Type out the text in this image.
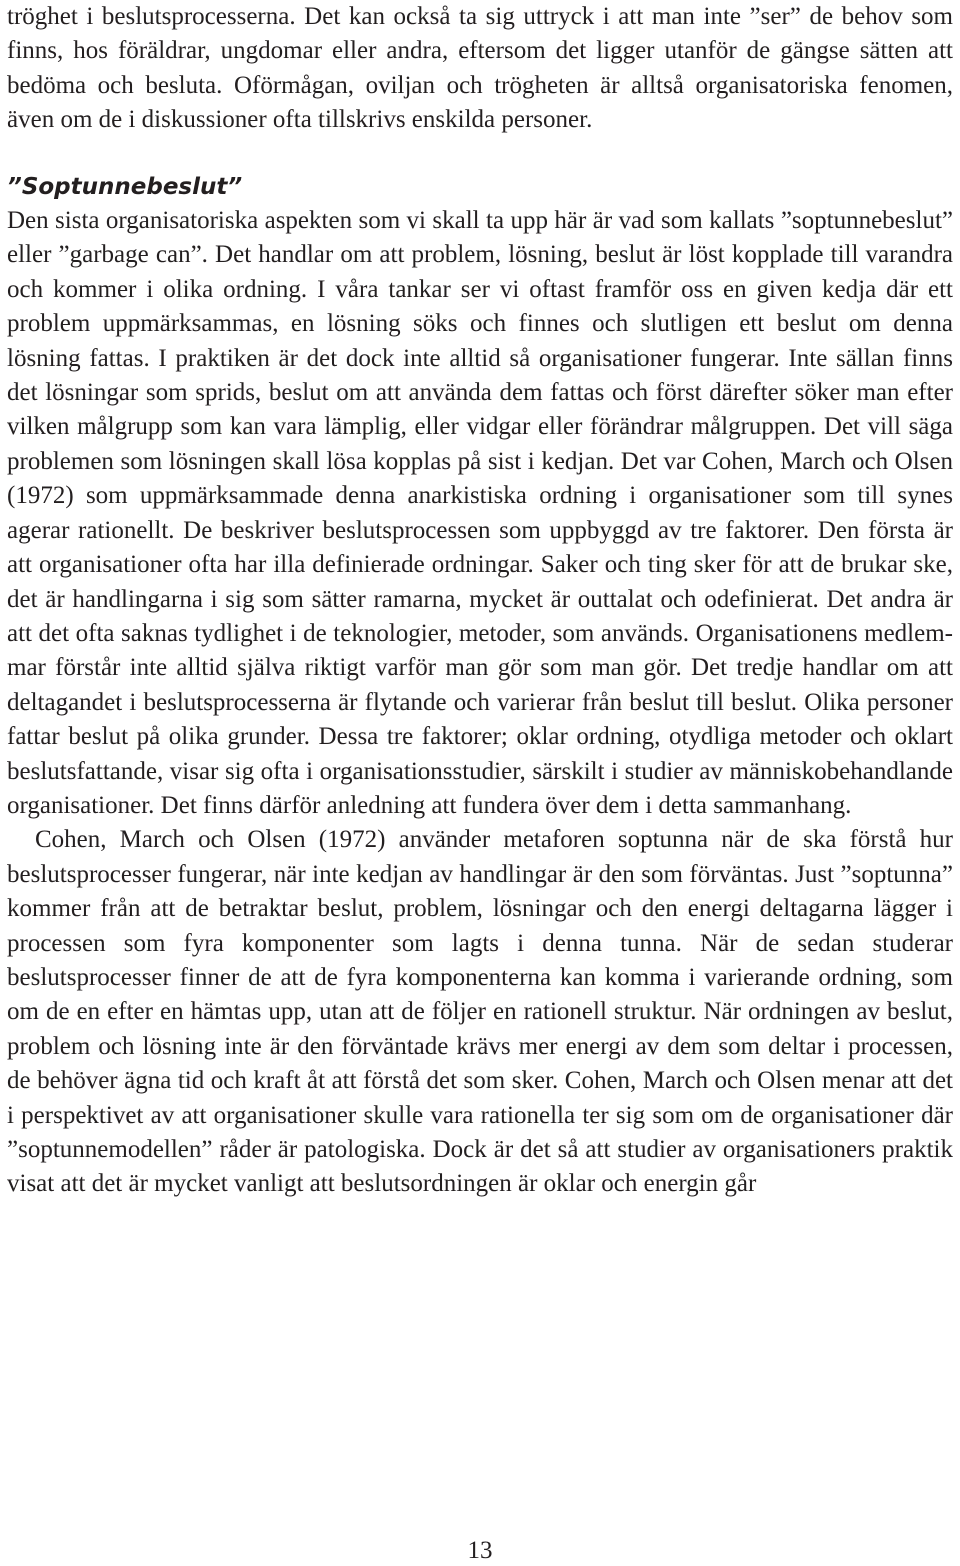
tröghet i beslutsprocesserna. Det kan också ta sig uttryck i att man inte ”ser” de behov som finns, hos föräldrar, ungdomar eller andra, eftersom det ligger utanför de gängse sätten att bedöma och besluta. Oförmågan, oviljan och trögheten är alltså organisatoriska fenomen, även om de i diskussioner ofta tillskrivs enskilda personer.

”Soptunnebeslut”

Den sista organisatoriska aspekten som vi skall ta upp här är vad som kallats ”soptunnebeslut” eller ”garbage can”. Det handlar om att problem, lösning, beslut är löst kopplade till varandra och kommer i olika ordning. I våra tankar ser vi oftast framför oss en given kedja där ett problem uppmärksammas, en lösning söks och finnes och slutligen ett beslut om denna lösning fattas. I praktiken är det dock inte alltid så organisationer fungerar. Inte sällan finns det lösningar som sprids, beslut om att använda dem fattas och först därefter söker man efter vilken målgrupp som kan vara lämplig, eller vidgar eller förändrar målgruppen. Det vill säga problemen som lösningen skall lösa kopplas på sist i kedjan. Det var Cohen, March och Olsen (1972) som uppmärksammade denna anarkistiska ordning i organisationer som till synes agerar rationellt. De beskriver beslutsprocessen som uppbyggd av tre faktorer. Den första är att organisationer ofta har illa definierade ordningar. Saker och ting sker för att de brukar ske, det är handlingarna i sig som sätter ramarna, mycket är outtalat och odefinierat. Det andra är att det ofta saknas tydlighet i de teknologier, metoder, som används. Organisationens medlemmar förstår inte alltid själva riktigt varför man gör som man gör. Det tredje handlar om att deltagandet i beslutsprocesserna är flytande och varierar från beslut till beslut. Olika personer fattar beslut på olika grunder. Dessa tre faktorer; oklar ordning, otydliga metoder och oklart beslutsfattande, visar sig ofta i organisationsstudier, särskilt i studier av människobehandlande organisationer. Det finns därför anledning att fundera över dem i detta sammanhang.

Cohen, March och Olsen (1972) använder metaforen soptunna när de ska förstå hur beslutsprocesser fungerar, när inte kedjan av handlingar är den som förväntas. Just ”soptunna” kommer från att de betraktar beslut, problem, lösningar och den energi deltagarna lägger i processen som fyra komponenter som lagts i denna tunna. När de sedan studerar beslutsprocesser finner de att de fyra komponenterna kan komma i varierande ordning, som om de en efter en hämtas upp, utan att de följer en rationell struktur. När ordningen av beslut, problem och lösning inte är den förväntade krävs mer energi av dem som deltar i processen, de behöver ägna tid och kraft åt att förstå det som sker. Cohen, March och Olsen menar att det i perspektivet av att organisationer skulle vara rationella ter sig som om de organisationer där ”soptunnemodellen” råder är patologiska. Dock är det så att studier av organisationers praktik visat att det är mycket vanligt att beslutsordningen är oklar och energin går

13
